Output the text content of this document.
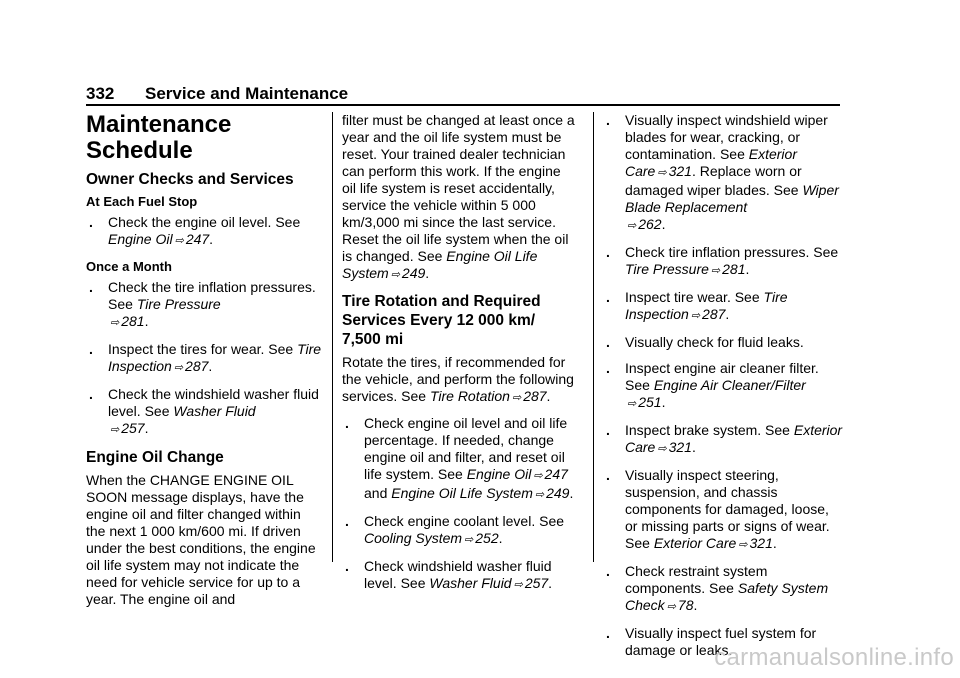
332 Service and Maintenance
Maintenance
Schedule
Owner Checks and Services
At Each Fuel Stop
. Check the engine oil level. See Engine Oil ⇨ 247.
Once a Month
. Check the tire inflation pressures. See Tire Pressure
⇨ 281.
. Inspect the tires for wear. See Tire Inspection ⇨ 287.
. Check the windshield washer fluid level. See Washer Fluid
⇨ 257.
Engine Oil Change

When the CHANGE ENGINE OIL SOON message displays, have the engine oil and filter changed within the next 1 000 km/600 mi. If driven under the best conditions, the engine oil life system may not indicate the need for vehicle service for up to a year. The engine oil and

filter must be changed at least once a year and the oil life system must be reset. Your trained dealer technician can perform this work. If the engine oil life system is reset accidentally, service the vehicle within 5 000 km/3,000 mi since the last service. Reset the oil life system when the oil is changed. See Engine Oil Life System ⇨ 249.

Tire Rotation and Required Services Every 12 000 km/ 7,500 mi

Rotate the tires, if recommended for the vehicle, and perform the following services. See Tire Rotation ⇨ 287.

. Check engine oil level and oil life percentage. If needed, change engine oil and filter, and reset oil life system. See Engine Oil ⇨ 247 and Engine Oil Life System ⇨ 249.
. Check engine coolant level. See Cooling System ⇨ 252.
. Check windshield washer fluid level. See Washer Fluid ⇨ 257.
. Visually inspect windshield wiper blades for wear, cracking, or contamination. See Exterior Care ⇨ 321. Replace worn or damaged wiper blades. See Wiper Blade Replacement
⇨ 262.
. Check tire inflation pressures. See Tire Pressure ⇨ 281.
. Inspect tire wear. See Tire Inspection ⇨ 287.
. Visually check for fluid leaks.
. Inspect engine air cleaner filter. See Engine Air Cleaner/Filter
⇨ 251.
. Inspect brake system. See Exterior Care ⇨ 321.
. Visually inspect steering, suspension, and chassis components for damaged, loose, or missing parts or signs of wear. See Exterior Care ⇨ 321.
. Check restraint system components. See Safety System Check ⇨ 78.
. Visually inspect fuel system for damage or leaks.
carmanualsonline.info
